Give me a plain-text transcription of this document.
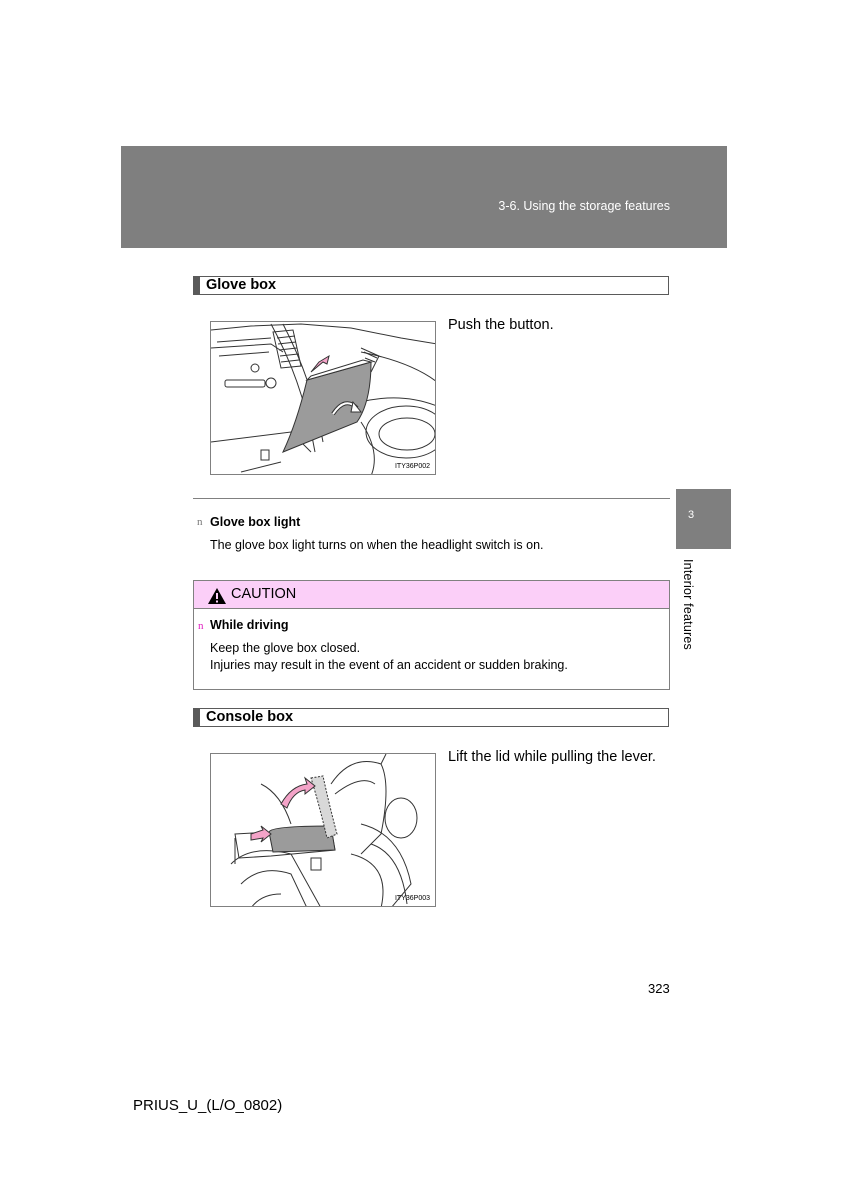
3-6. Using the storage features
3
Interior features
Glove box
ITY36P002
Push the button.
n Glove box light
The glove box light turns on when the headlight switch is on.
CAUTION
n While driving
Keep the glove box closed.
Injuries may result in the event of an accident or sudden braking.
Console box
ITY36P003
Lift the lid while pulling the lever.
323
PRIUS_U_(L/O_0802)
